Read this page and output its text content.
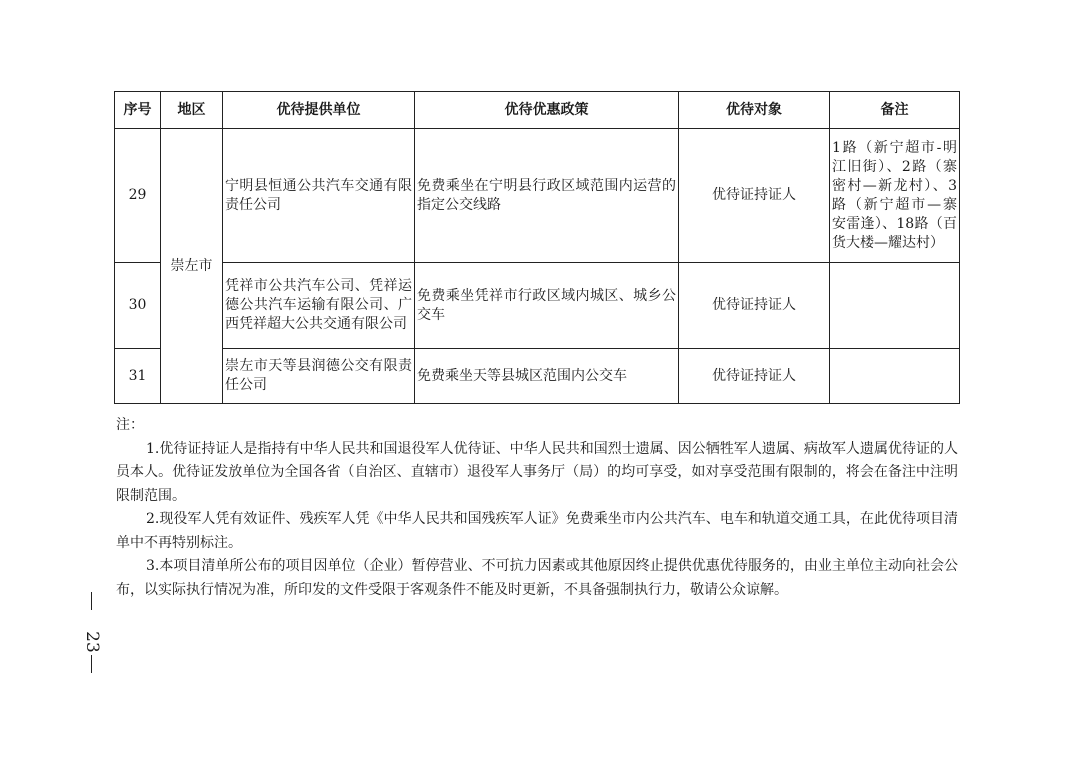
序号	地区	优待提供单位	优待优惠政策	优待对象	备注
29	崇左市	宁明县恒通公共汽车交通有限责任公司	免费乘坐在宁明县行政区域范围内运营的指定公交线路	优待证持证人	1路（新宁超市-明江旧街）、2路（寨密村—新龙村）、3路（新宁超市—寨安雷逢）、18路（百货大楼—耀达村）
30		凭祥市公共汽车公司、凭祥运德公共汽车运输有限公司、广西凭祥超大公共交通有限公司	免费乘坐凭祥市行政区域内城区、城乡公交车	优待证持证人	
31		崇左市天等县润德公交有限责任公司	免费乘坐天等县城区范围内公交车	优待证持证人	

注：

1.优待证持证人是指持有中华人民共和国退役军人优待证、中华人民共和国烈士遗属、因公牺牲军人遗属、病故军人遗属优待证的人员本人。优待证发放单位为全国各省（自治区、直辖市）退役军人事务厅（局）的均可享受，如对享受范围有限制的，将会在备注中注明限制范围。

2.现役军人凭有效证件、残疾军人凭《中华人民共和国残疾军人证》免费乘坐市内公共汽车、电车和轨道交通工具，在此优待项目清单中不再特别标注。

3.本项目清单所公布的项目因单位（企业）暂停营业、不可抗力因素或其他原因终止提供优惠优待服务的，由业主单位主动向社会公布，以实际执行情况为准，所印发的文件受限于客观条件不能及时更新，不具备强制执行力，敬请公众谅解。

23
